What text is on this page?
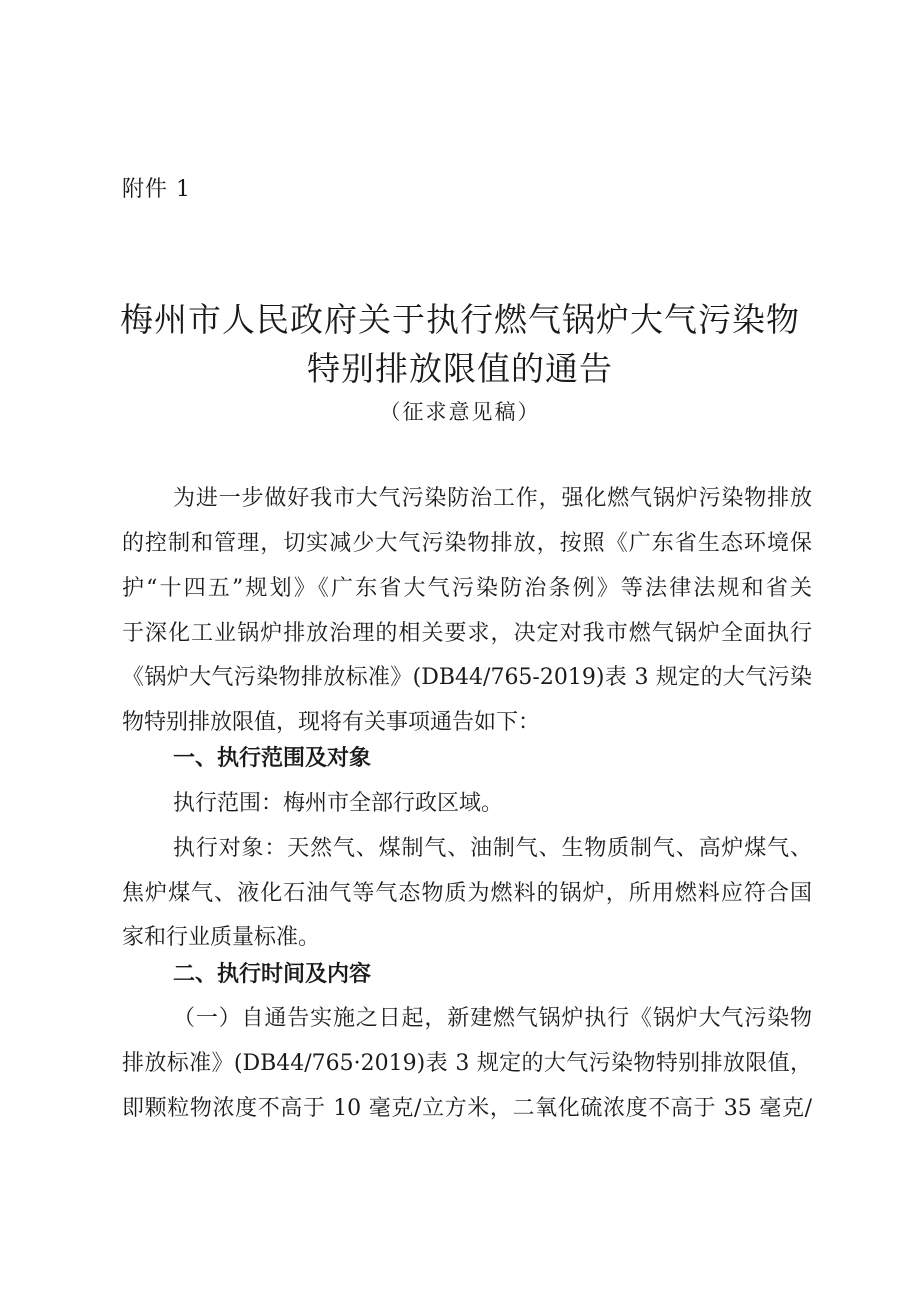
附件 1
梅州市人民政府关于执行燃气锅炉大气污染物
特别排放限值的通告
（征求意见稿）
为进一步做好我市大气污染防治工作，强化燃气锅炉污染物排放
的控制和管理，切实减少大气污染物排放，按照《广东省生态环境保
护“十四五”规划》《广东省大气污染防治条例》等法律法规和省关
于深化工业锅炉排放治理的相关要求，决定对我市燃气锅炉全面执行
《锅炉大气污染物排放标准》(DB44/765-2019)表 3 规定的大气污染
物特别排放限值，现将有关事项通告如下：
一、执行范围及对象
执行范围：梅州市全部行政区域。
执行对象：天然气、煤制气、油制气、生物质制气、高炉煤气、
焦炉煤气、液化石油气等气态物质为燃料的锅炉，所用燃料应符合国
家和行业质量标准。
二、执行时间及内容
（一）自通告实施之日起，新建燃气锅炉执行《锅炉大气污染物
排放标准》(DB44/765·2019)表 3 规定的大气污染物特别排放限值，
即颗粒物浓度不高于 10 毫克/立方米，二氧化硫浓度不高于 35 毫克/
